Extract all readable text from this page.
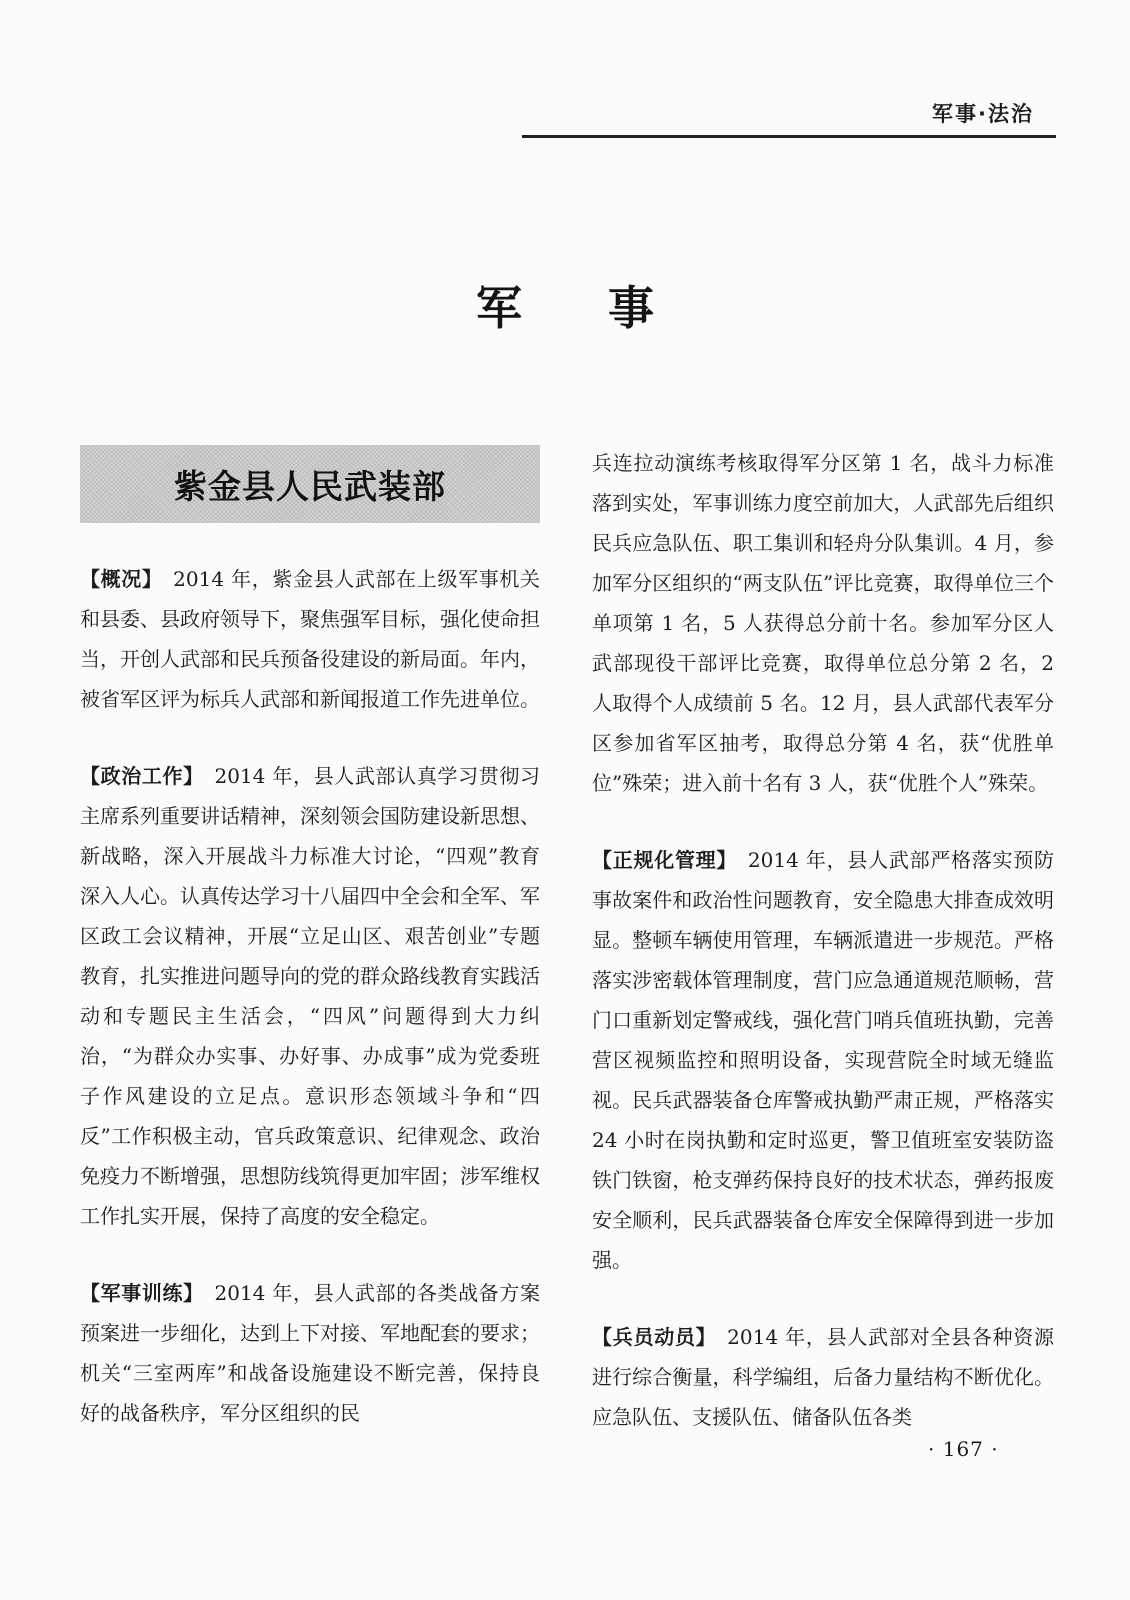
军事·法治
军 事
紫金县人民武装部

【概况】　2014 年，紫金县人武部在上级军事机关和县委、县政府领导下，聚焦强军目标，强化使命担当，开创人武部和民兵预备役建设的新局面。年内，被省军区评为标兵人武部和新闻报道工作先进单位。

【政治工作】　2014 年，县人武部认真学习贯彻习主席系列重要讲话精神，深刻领会国防建设新思想、新战略，深入开展战斗力标准大讨论，“四观”教育深入人心。认真传达学习十八届四中全会和全军、军区政工会议精神，开展“立足山区、艰苦创业”专题教育，扎实推进问题导向的党的群众路线教育实践活动和专题民主生活会，“四风”问题得到大力纠治，“为群众办实事、办好事、办成事”成为党委班子作风建设的立足点。意识形态领域斗争和“四反”工作积极主动，官兵政策意识、纪律观念、政治免疫力不断增强，思想防线筑得更加牢固；涉军维权工作扎实开展，保持了高度的安全稳定。

【军事训练】　2014 年，县人武部的各类战备方案预案进一步细化，达到上下对接、军地配套的要求；机关“三室两库”和战备设施建设不断完善，保持良好的战备秩序，军分区组织的民

兵连拉动演练考核取得军分区第 1 名，战斗力标准落到实处，军事训练力度空前加大，人武部先后组织民兵应急队伍、职工集训和轻舟分队集训。4 月，参加军分区组织的“两支队伍”评比竞赛，取得单位三个单项第 1 名，5 人获得总分前十名。参加军分区人武部现役干部评比竞赛，取得单位总分第 2 名，2 人取得个人成绩前 5 名。12 月，县人武部代表军分区参加省军区抽考，取得总分第 4 名，获“优胜单位”殊荣；进入前十名有 3 人，获“优胜个人”殊荣。

【正规化管理】　2014 年，县人武部严格落实预防事故案件和政治性问题教育，安全隐患大排查成效明显。整顿车辆使用管理，车辆派遣进一步规范。严格落实涉密载体管理制度，营门应急通道规范顺畅，营门口重新划定警戒线，强化营门哨兵值班执勤，完善营区视频监控和照明设备，实现营院全时域无缝监视。民兵武器装备仓库警戒执勤严肃正规，严格落实 24 小时在岗执勤和定时巡更，警卫值班室安装防盗铁门铁窗，枪支弹药保持良好的技术状态，弹药报废安全顺利，民兵武器装备仓库安全保障得到进一步加强。

【兵员动员】　2014 年，县人武部对全县各种资源进行综合衡量，科学编组，后备力量结构不断优化。应急队伍、支援队伍、储备队伍各类

· 167 ·
